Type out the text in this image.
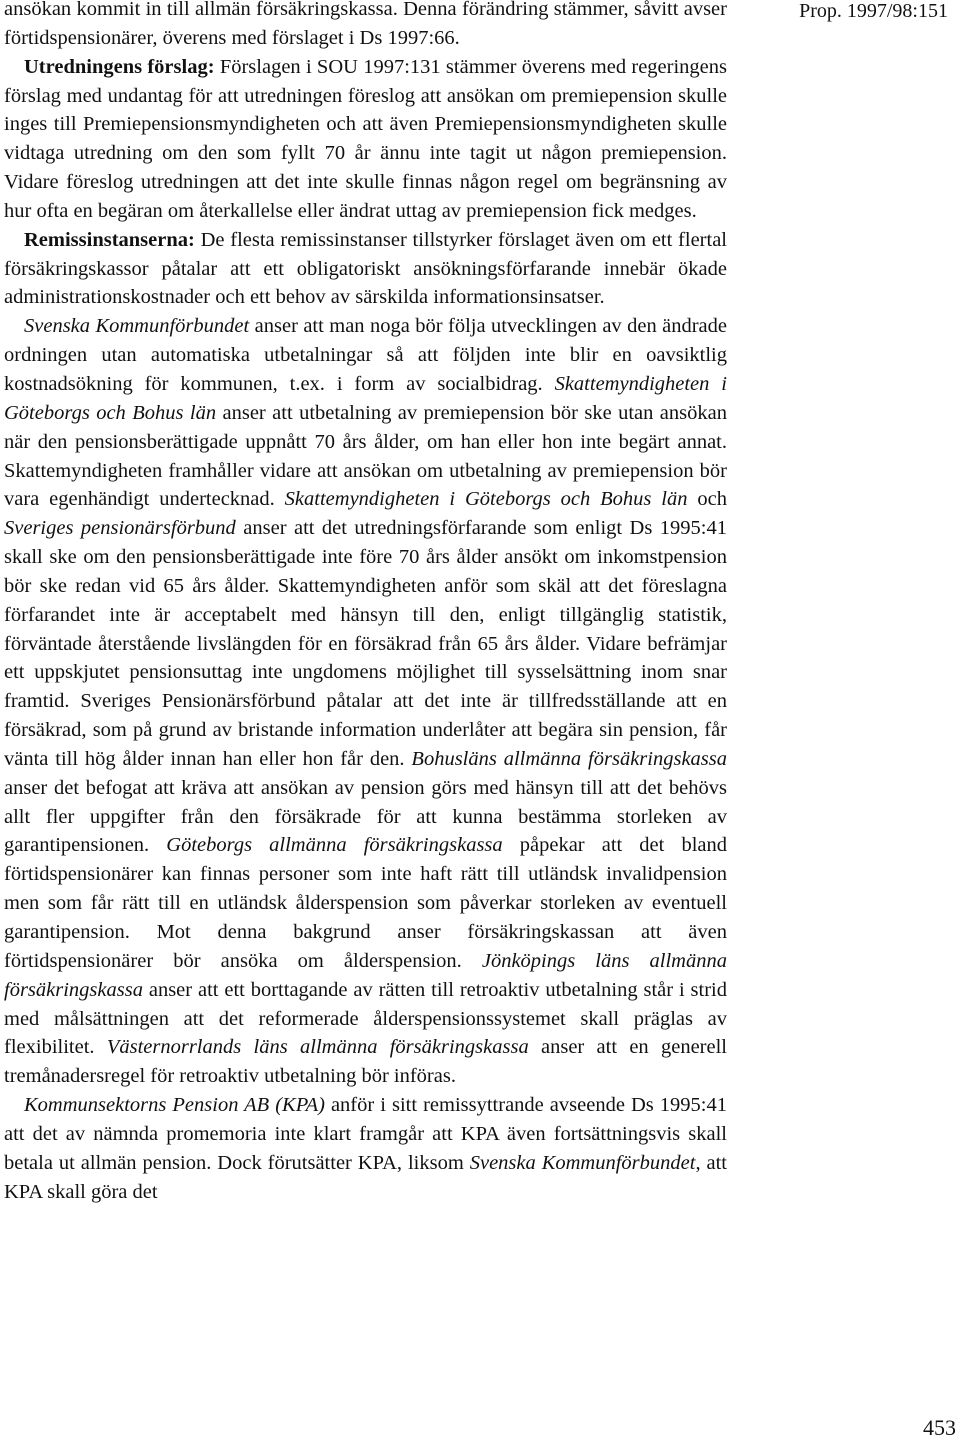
Prop. 1997/98:151

ansökan kommit in till allmän försäkringskassa. Denna förändring stämmer, såvitt avser förtidspensionärer, överens med förslaget i Ds 1997:66.

Utredningens förslag: Förslagen i SOU 1997:131 stämmer överens med regeringens förslag med undantag för att utredningen föreslog att ansökan om premiepension skulle inges till Premiepensionsmyndigheten och att även Premiepensionsmyndigheten skulle vidtaga utredning om den som fyllt 70 år ännu inte tagit ut någon premiepension. Vidare föreslog utredningen att det inte skulle finnas någon regel om begränsning av hur ofta en begäran om återkallelse eller ändrat uttag av premiepension fick medges.

Remissinstanserna: De flesta remissinstanser tillstyrker förslaget även om ett flertal försäkringskassor påtalar att ett obligatoriskt ansökningsförfarande innebär ökade administrationskostnader och ett behov av särskilda informationsinsatser.

Svenska Kommunförbundet anser att man noga bör följa utvecklingen av den ändrade ordningen utan automatiska utbetalningar så att följden inte blir en oavsiktlig kostnadsökning för kommunen, t.ex. i form av socialbidrag. Skattemyndigheten i Göteborgs och Bohus län anser att utbetalning av premiepension bör ske utan ansökan när den pensionsberättigade uppnått 70 års ålder, om han eller hon inte begärt annat. Skattemyndigheten framhåller vidare att ansökan om utbetalning av premiepension bör vara egenhändigt undertecknad. Skattemyndigheten i Göteborgs och Bohus län och Sveriges pensionärsförbund anser att det utredningsförfarande som enligt Ds 1995:41 skall ske om den pensionsberättigade inte före 70 års ålder ansökt om inkomstpension bör ske redan vid 65 års ålder. Skattemyndigheten anför som skäl att det föreslagna förfarandet inte är acceptabelt med hänsyn till den, enligt tillgänglig statistik, förväntade återstående livslängden för en försäkrad från 65 års ålder. Vidare befrämjar ett uppskjutet pensionsuttag inte ungdomens möjlighet till sysselsättning inom snar framtid. Sveriges Pensionärsförbund påtalar att det inte är tillfredsställande att en försäkrad, som på grund av bristande information underlåter att begära sin pension, får vänta till hög ålder innan han eller hon får den. Bohusläns allmänna försäkringskassa anser det befogat att kräva att ansökan av pension görs med hänsyn till att det behövs allt fler uppgifter från den försäkrade för att kunna bestämma storleken av garantipensionen. Göteborgs allmänna försäkringskassa påpekar att det bland förtidspensionärer kan finnas personer som inte haft rätt till utländsk invalidpension men som får rätt till en utländsk ålderspension som påverkar storleken av eventuell garantipension. Mot denna bakgrund anser försäkringskassan att även förtidspensionärer bör ansöka om ålderspension. Jönköpings läns allmänna försäkringskassa anser att ett borttagande av rätten till retroaktiv utbetalning står i strid med målsättningen att det reformerade ålderspensionssystemet skall präglas av flexibilitet. Västernorrlands läns allmänna försäkringskassa anser att en generell tremånadersregel för retroaktiv utbetalning bör införas.

Kommunsektorns Pension AB (KPA) anför i sitt remissyttrande avseende Ds 1995:41 att det av nämnda promemoria inte klart framgår att KPA även fortsättningsvis skall betala ut allmän pension. Dock förutsätter KPA, liksom Svenska Kommunförbundet, att KPA skall göra det

453
